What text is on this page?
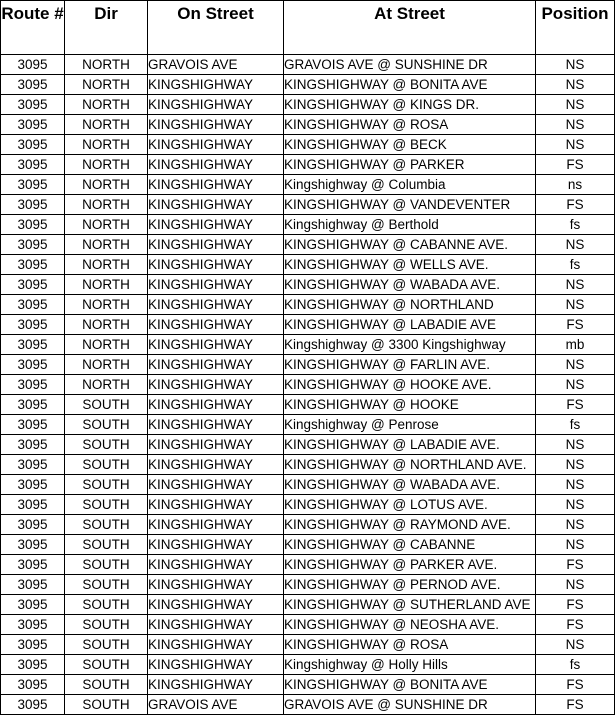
Route #	Dir	On Street	At Street	Position
3095	NORTH	GRAVOIS AVE	GRAVOIS AVE @ SUNSHINE DR	NS
3095	NORTH	KINGSHIGHWAY	KINGSHIGHWAY @ BONITA AVE	NS
3095	NORTH	KINGSHIGHWAY	KINGSHIGHWAY @ KINGS DR.	NS
3095	NORTH	KINGSHIGHWAY	KINGSHIGHWAY @ ROSA	NS
3095	NORTH	KINGSHIGHWAY	KINGSHIGHWAY @ BECK	NS
3095	NORTH	KINGSHIGHWAY	KINGSHIGHWAY @ PARKER	FS
3095	NORTH	KINGSHIGHWAY	Kingshighway @ Columbia	ns
3095	NORTH	KINGSHIGHWAY	KINGSHIGHWAY @ VANDEVENTER	FS
3095	NORTH	KINGSHIGHWAY	Kingshighway @ Berthold	fs
3095	NORTH	KINGSHIGHWAY	KINGSHIGHWAY @ CABANNE AVE.	NS
3095	NORTH	KINGSHIGHWAY	KINGSHIGHWAY @ WELLS AVE.	fs
3095	NORTH	KINGSHIGHWAY	KINGSHIGHWAY @ WABADA AVE.	NS
3095	NORTH	KINGSHIGHWAY	KINGSHIGHWAY @ NORTHLAND	NS
3095	NORTH	KINGSHIGHWAY	KINGSHIGHWAY @ LABADIE AVE	FS
3095	NORTH	KINGSHIGHWAY	Kingshighway @ 3300 Kingshighway	mb
3095	NORTH	KINGSHIGHWAY	KINGSHIGHWAY @ FARLIN AVE.	NS
3095	NORTH	KINGSHIGHWAY	KINGSHIGHWAY @ HOOKE AVE.	NS
3095	SOUTH	KINGSHIGHWAY	KINGSHIGHWAY @ HOOKE	FS
3095	SOUTH	KINGSHIGHWAY	Kingshighway @ Penrose	fs
3095	SOUTH	KINGSHIGHWAY	KINGSHIGHWAY @ LABADIE AVE.	NS
3095	SOUTH	KINGSHIGHWAY	KINGSHIGHWAY @ NORTHLAND AVE.	NS
3095	SOUTH	KINGSHIGHWAY	KINGSHIGHWAY @ WABADA AVE.	NS
3095	SOUTH	KINGSHIGHWAY	KINGSHIGHWAY @ LOTUS AVE.	NS
3095	SOUTH	KINGSHIGHWAY	KINGSHIGHWAY @ RAYMOND AVE.	NS
3095	SOUTH	KINGSHIGHWAY	KINGSHIGHWAY @ CABANNE	NS
3095	SOUTH	KINGSHIGHWAY	KINGSHIGHWAY @ PARKER AVE.	FS
3095	SOUTH	KINGSHIGHWAY	KINGSHIGHWAY @ PERNOD AVE.	NS
3095	SOUTH	KINGSHIGHWAY	KINGSHIGHWAY @ SUTHERLAND AVE	FS
3095	SOUTH	KINGSHIGHWAY	KINGSHIGHWAY @ NEOSHA AVE.	FS
3095	SOUTH	KINGSHIGHWAY	KINGSHIGHWAY @ ROSA	NS
3095	SOUTH	KINGSHIGHWAY	Kingshighway @ Holly Hills	fs
3095	SOUTH	KINGSHIGHWAY	KINGSHIGHWAY @ BONITA AVE	FS
3095	SOUTH	GRAVOIS AVE	GRAVOIS AVE @ SUNSHINE DR	FS
